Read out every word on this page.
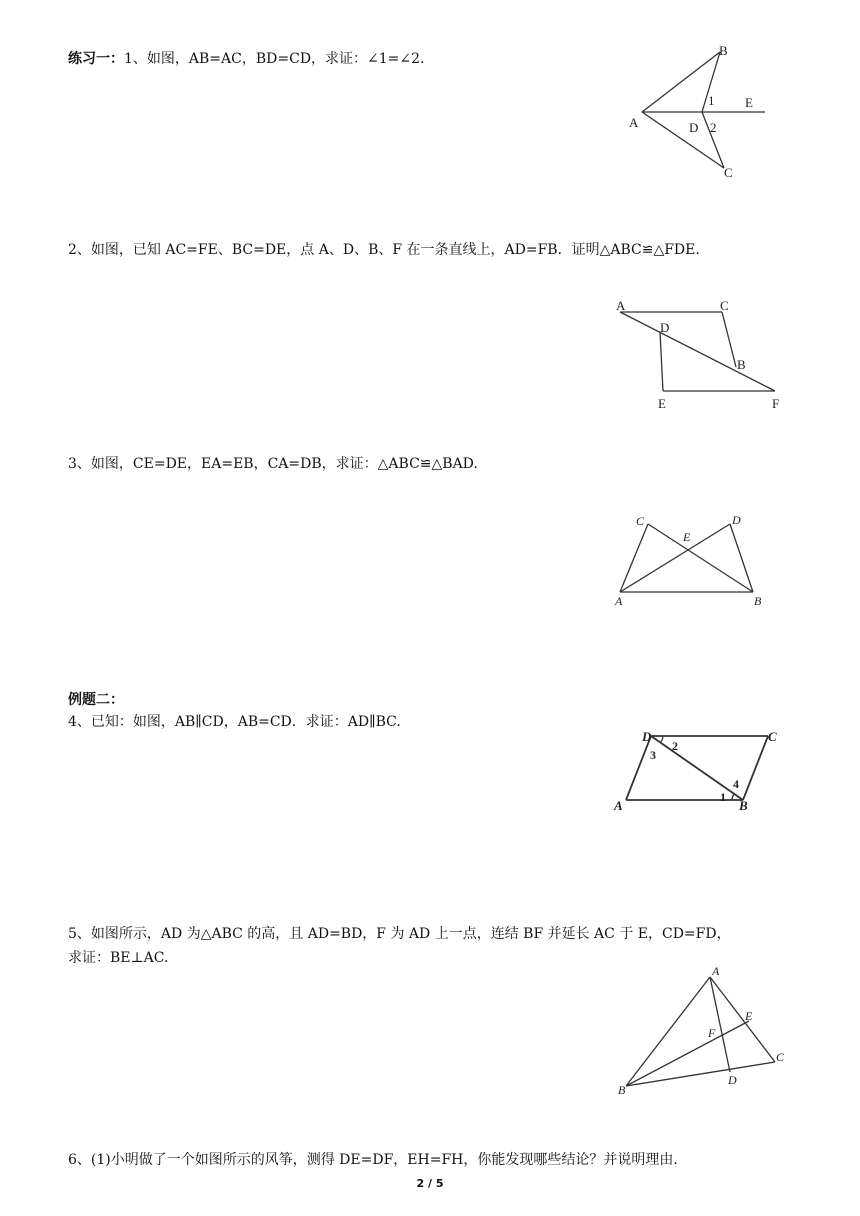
练习一：1、如图，AB=AC，BD=CD，求证：∠1=∠2.
B
A	D
E
C
1
2
2、如图，已知 AC=FE、BC=DE，点 A、D、B、F 在一条直线上，AD=FB．证明△ABC≌△FDE.
A	C
D
B
E	F
3、如图，CE=DE，EA=EB，CA=DB，求证：△ABC≌△BAD.
C	D
E
A	B
例题二：
4、已知：如图，AB∥CD，AB=CD．求证：AD∥BC.
D	C
A	B
2
3
4
1
5、如图所示，AD 为△ABC 的高，且 AD=BD，F 为 AD 上一点，连结 BF 并延长 AC 于 E，CD=FD，
求证：BE⊥AC.
A
E
F
C
D
B
6、(1)小明做了一个如图所示的风筝，测得 DE=DF，EH=FH，你能发现哪些结论？并说明理由.
2 / 5
